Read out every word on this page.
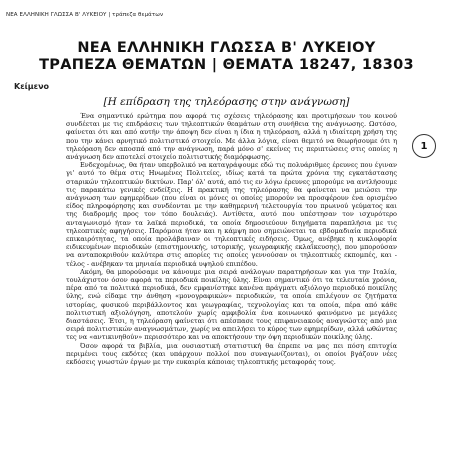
ΝΕΑ ΕΛΛΗΝΙΚΗ ΓΛΩΣΣΑ Β' ΛΥΚΕΙΟΥ | τράπεζα θεμάτων
ΝΕΑ ΕΛΛΗΝΙΚΗ ΓΛΩΣΣΑ Β' ΛΥΚΕΙΟΥ
ΤΡΑΠΕΖΑ ΘΕΜΑΤΩΝ | ΘΕΜΑΤΑ 18247, 18303
Κείμενο
[Η επίδραση της τηλεόρασης στην ανάγνωση]

Ένα σημαντικό ερώτημα που αφορά τις σχέσεις τηλεόρασης και προτιμήσεων του κοινού συνδέεται με τις επιδράσεις των τηλεοπτικών θεαμάτων στη συνήθεια της ανάγνωσης. Ωστόσο, φαίνεται ότι και από αυτήν την άποψη δεν είναι η ίδια η τηλεόραση, αλλά η ιδιαίτερη χρήση της που την κάνει αρνητικό πολιτιστικό στοιχείο. Με άλλα λόγια, είναι θεμιτό να θεωρήσουμε ότι η τηλεόραση δεν αποσπά από την ανάγνωση, παρά μόνο σ' εκείνες τις περιπτώσεις στις οποίες η ανάγνωση δεν αποτελεί στοιχείο πολιτιστικής διαμόρφωσης.

Ενδεχομένως, θα ήταν υπερβολικό να καταγράψουμε εδώ τις πολυάριθμες έρευνες που έγιναν γι' αυτό το θέμα στις Ηνωμένες Πολιτείες, ιδίως κατά τα πρώτα χρόνια της εγκατάστασης σταρικών τηλεοπτικών δικτύων. Παρ' όλ' αυτά, από τις εν λόγω έρευνες μπορούμε να αντλήσουμε τις παρακάτω γενικές ενδείξεις. Η πρακτική της τηλεόρασης θα φαίνεται να μειώσει την ανάγνωση των εφημερίδων (που είναι οι μόνες οι οποίες μπορούν να προσφέρουν ένα ορισμένο είδος πληροφόρησης και συνδέονται με την καθημερινή τελετουργία του πρωινού γεύματος και της διαδρομής προς τον τόπο δουλειάς). Αντίθετα, αυτό που υπέστησαν τον ισχυρότερο ανταγωνισμό ήταν τα λαϊκά περιοδικά, τα οποία δημοσιεύουν διηγήματα παραπλήσια με τις τηλεοπτικές αφηγήσεις. Παρόμοια ήταν και η κάμψη που σημειώνεται τα εβδομαδιαία περιοδικά επικαιρότητας, τα οποία προλάβαιναν οι τηλεοπτικές ειδήσεις. Όμως, ανέβηκε η κυκλοφορία ειδικευμένων περιοδικών (επιστημονικής, ιστορικής, γεωγραφικής εκλαΐκευσης), που μπορούσαν να ανταποκριθούν καλύτερα στις απορίες τις οποίες γεννούσαν οι τηλεοπτικές εκπομπές, και - τέλος - ανέβηκαν τα μηνιαία περιοδικά υψηλού επιπέδου.

Ακόμη, θα μπορούσαμε να κάνουμε μια σειρά ανάλογων παρατηρήσεων και για την Ιταλία, τουλάχιστον όσον αφορά τα περιοδικά ποικίλης ύλης. Είναι σημαντικό ότι τα τελευταία χρόνια, πέρα από τα πολιτικά περιοδικά, δεν εμφανίστηκε κανένα πράγματι αξιόλογο περιοδικό ποικίλης ύλης, ενώ είδαμε την άνθηση «μονογραφικών» περιοδικών, τα οποία επιλέγουν σε ζητήματα ιστορίας, φυσικού περιβάλλοντος και γεωγραφίας, τεχνολογίας και τα οποία, πέρα από κάθε πολιτιστική αξιολόγηση, αποτελούν χωρίς αμφιβολία ένα κοινωνικό φαινόμενο με μεγάλες διαστάσεις. Έτσι, η τηλεόραση φαίνεται ότι απέσπασε τους επιφανειακούς αναγνώστες από μια σειρά πολιτιστικών αναγνωσμάτων, χωρίς να απειλήσει το κύρος των εφημερίδων, αλλά ωθώντας τες να «αντικινηθούν» περισσότερο και να αποκτήσουν την όψη περιοδικών ποικίλης ύλης.

Όσον αφορά τα βιβλία, μια ουσιαστική στατιστική θα έπρεπε να μας πει πόση επιτυχία περιμένει τους εκδότες (και υπάρχουν πολλοί που συναγωνίζονται), οι οποίοι βγάζουν νέες εκδόσεις γνωστών έργων με την ευκαιρία κάποιας τηλεοπτικής μεταφοράς τους.

1
